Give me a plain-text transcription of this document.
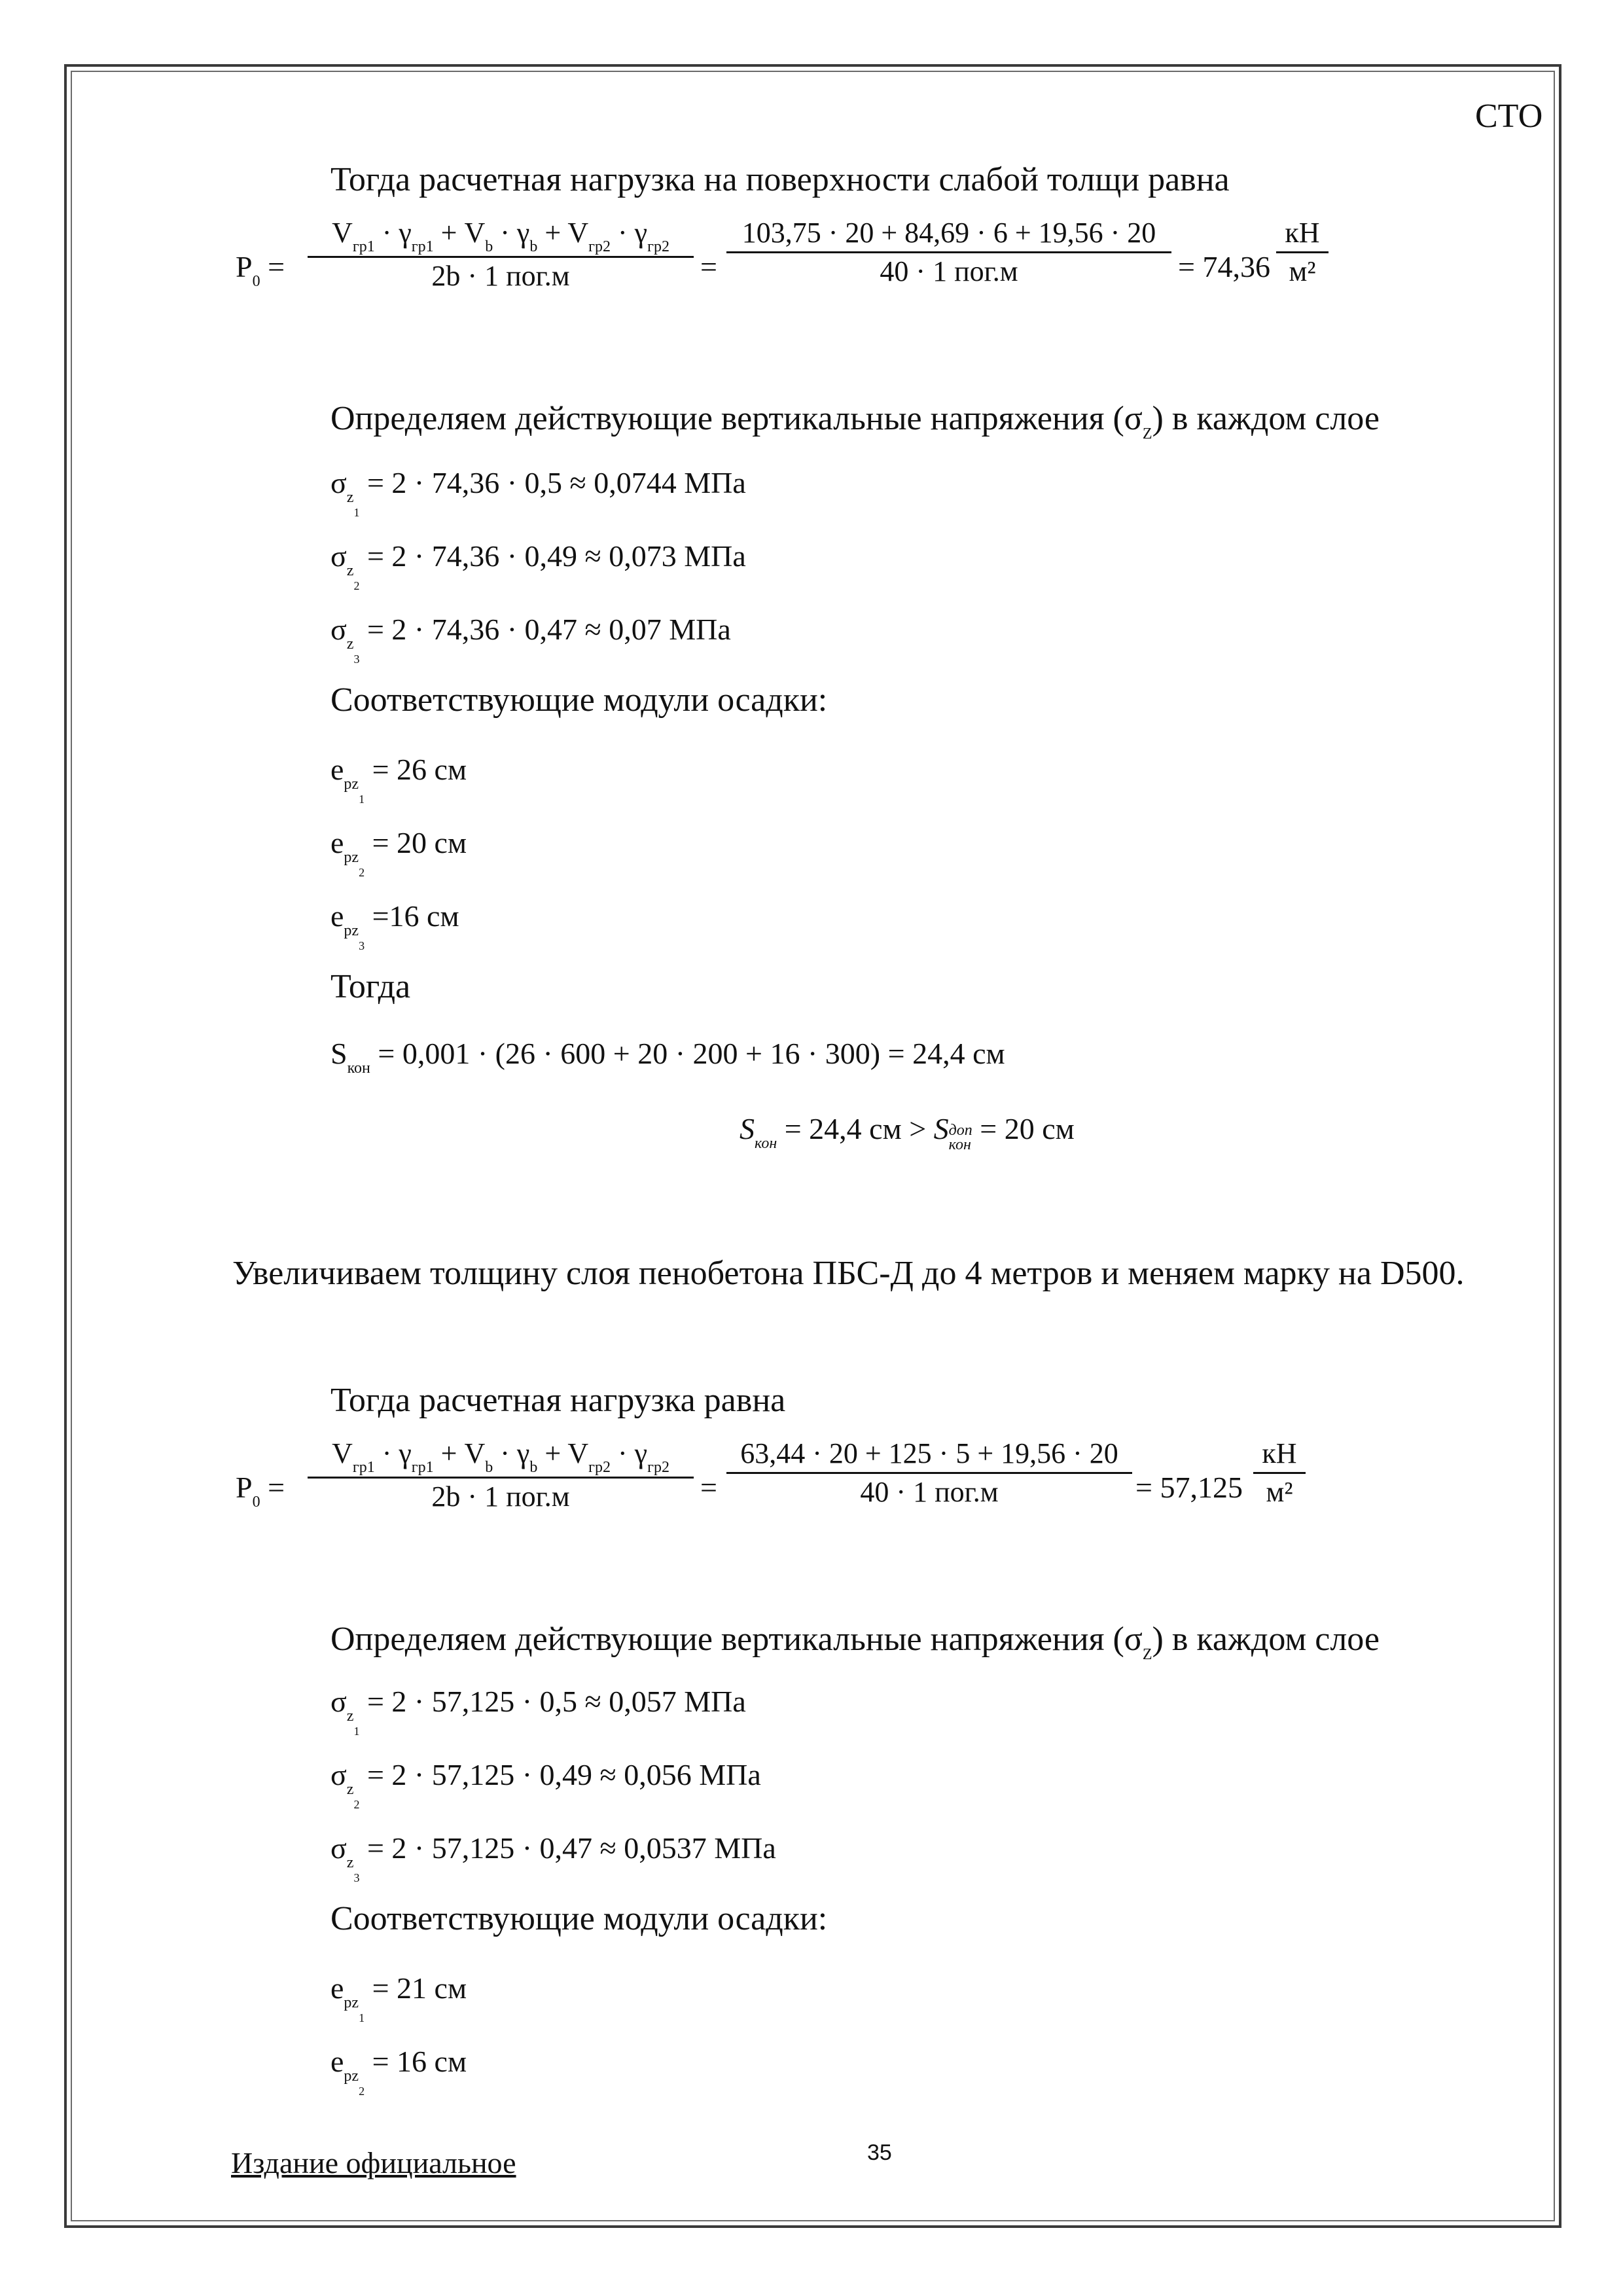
СТО
Тогда расчетная нагрузка на поверхности слабой толщи равна
$P_0$ =
$V_{гр1} \cdot \gamma_{гр1} + V_b \cdot \gamma_b + V_{гр2} \cdot \gamma_{гр2}$
2b · 1 пог.м	=
103,75 · 20 + 84,69 · 6 + 19,56 · 20
40 · 1 пог.м	= 74,36
кН
м²
Определяем действующие вертикальные напряжения $(\sigma_Z)$ в каждом слое
$\sigma_{z_1} = 2 \cdot 74,36 \cdot 0,5 \approx 0,0744$ МПа
$\sigma_{z_2} = 2 \cdot 74,36 \cdot 0,49 \approx 0,073$ МПа
$\sigma_{z_3} = 2 \cdot 74,36 \cdot 0,47 \approx 0,07$ МПа
Соответствующие модули осадки:
$e_{pz_1} = 26$ см
$e_{pz_2} = 20$ см
$e_{pz_3} =16$ см
Тогда
$S_{кон} = 0,001 \cdot (26 \cdot 600 + 20 \cdot 200 + 16 \cdot 300) = 24,4$ см
$S_{кон} = 24,4$ см > S доп
кон = 20 см
Увеличиваем толщину слоя пенобетона ПБС-Д до 4 метров и меняем марку на D500.
Тогда расчетная нагрузка равна
$P_0$ =
$V_{гр1} \cdot \gamma_{гр1} + V_b \cdot \gamma_b + V_{гр2} \cdot \gamma_{гр2}$
2b · 1 пог.м	=
63,44 · 20 + 125 · 5 + 19,56 · 20
40 · 1 пог.м	= 57,125
кН
м²
Определяем действующие вертикальные напряжения $(\sigma_Z)$ в каждом слое
$\sigma_{z_1} = 2 \cdot 57,125 \cdot 0,5 \approx 0,057$ МПа
$\sigma_{z_2} = 2 \cdot 57,125 \cdot 0,49 \approx 0,056$ МПа
$\sigma_{z_3} = 2 \cdot 57,125 \cdot 0,47 \approx 0,0537$ МПа
Соответствующие модули осадки:
$e_{pz_1} = 21$ см
$e_{pz_2} = 16$ см
Издание официальное	35
